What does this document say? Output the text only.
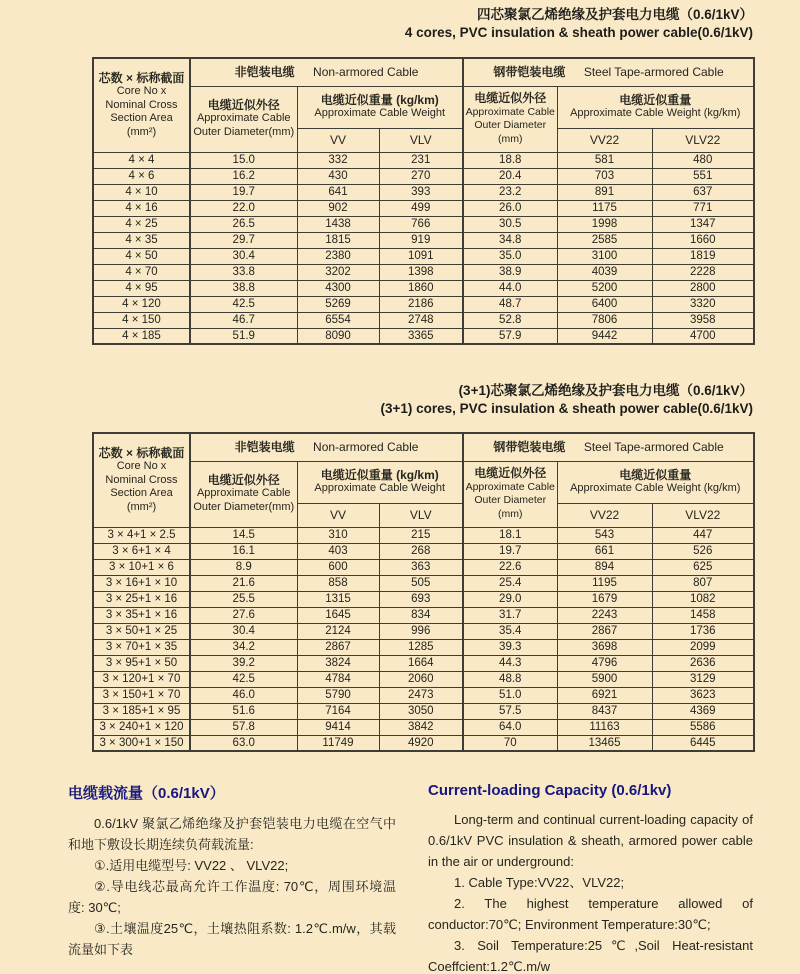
四芯聚氯乙烯绝缘及护套电力电缆（0.6/1kV）
4 cores, PVC insulation & sheath power cable(0.6/1kV)
芯数 × 标称截面
Core No x
Nominal Cross
Section Area
(mm²)	非铠装电缆 Non-armored Cable			钢带铠装电缆 Steel Tape-armored Cable		

	电缆近似外径
Approximate Cable
Outer Diameter(mm)	电缆近似重量 (kg/km)
Approximate Cable Weight		电缆近似外径
Approximate Cable
Outer Diameter
(mm)	电缆近似重量
Approximate Cable Weight (kg/km)	

		VV	VLV		VV22	VLV22
4 × 4	15.0	332	231	18.8	581	480
4 × 6	16.2	430	270	20.4	703	551
4 × 10	19.7	641	393	23.2	891	637
4 × 16	22.0	902	499	26.0	1175	771
4 × 25	26.5	1438	766	30.5	1998	1347
4 × 35	29.7	1815	919	34.8	2585	1660
4 × 50	30.4	2380	1091	35.0	3100	1819
4 × 70	33.8	3202	1398	38.9	4039	2228
4 × 95	38.8	4300	1860	44.0	5200	2800
4 × 120	42.5	5269	2186	48.7	6400	3320
4 × 150	46.7	6554	2748	52.8	7806	3958
4 × 185	51.9	8090	3365	57.9	9442	4700
(3+1)芯聚氯乙烯绝缘及护套电力电缆（0.6/1kV）
(3+1) cores, PVC insulation & sheath power cable(0.6/1kV)
芯数 × 标称截面
Core No x
Nominal Cross
Section Area
(mm²)	非铠装电缆 Non-armored Cable			钢带铠装电缆 Steel Tape-armored Cable		

	电缆近似外径
Approximate Cable
Outer Diameter(mm)	电缆近似重量 (kg/km)
Approximate Cable Weight		电缆近似外径
Approximate Cable
Outer Diameter
(mm)	电缆近似重量
Approximate Cable Weight (kg/km)	

		VV	VLV		VV22	VLV22
3 × 4+1 × 2.5	14.5	310	215	18.1	543	447
3 × 6+1 × 4	16.1	403	268	19.7	661	526
3 × 10+1 × 6	8.9	600	363	22.6	894	625
3 × 16+1 × 10	21.6	858	505	25.4	1195	807
3 × 25+1 × 16	25.5	1315	693	29.0	1679	1082
3 × 35+1 × 16	27.6	1645	834	31.7	2243	1458
3 × 50+1 × 25	30.4	2124	996	35.4	2867	1736
3 × 70+1 × 35	34.2	2867	1285	39.3	3698	2099
3 × 95+1 × 50	39.2	3824	1664	44.3	4796	2636
3 × 120+1 × 70	42.5	4784	2060	48.8	5900	3129
3 × 150+1 × 70	46.0	5790	2473	51.0	6921	3623
3 × 185+1 × 95	51.6	7164	3050	57.5	8437	4369
3 × 240+1 × 120	57.8	9414	3842	64.0	11163	5586
3 × 300+1 × 150	63.0	11749	4920	70	13465	6445
电缆载流量（0.6/1kV）

0.6/1kV 聚氯乙烯绝缘及护套铠装电力电缆在空气中和地下敷设长期连续负荷载流量:

①.适用电缆型号: VV22 、 VLV22;

②.导电线芯最高允许工作温度: 70℃，周围环境温度: 30℃;

③.土壤温度25℃，土壤热阻系数: 1.2℃.m/w，其载流量如下表

Current-loading Capacity (0.6/1kv)

Long-term and continual current-loading capacity of 0.6/1kV PVC insulation & sheath, armored power cable in the air or underground:

1. Cable Type:VV22、VLV22;

2. The highest temperature allowed of conductor:70℃; Environment Temperature:30℃;

3. Soil Temperature:25℃,Soil Heat-resistant Coeffcient:1.2℃.m/w
